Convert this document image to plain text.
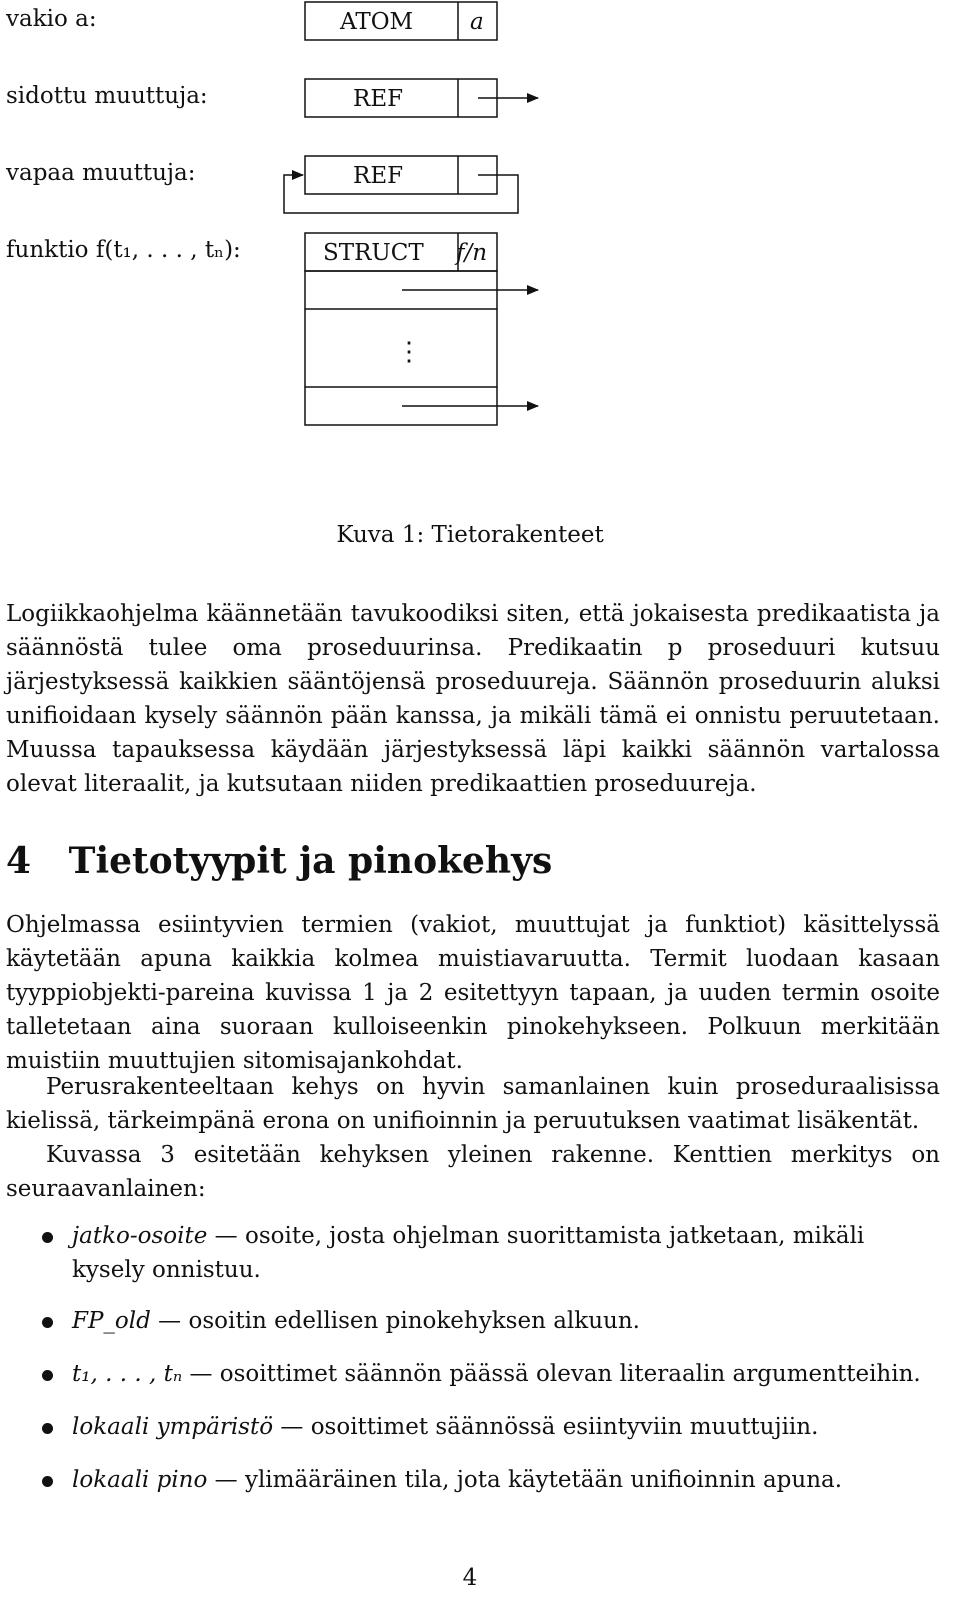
vakio a:
sidottu muuttuja:
vapaa muuttuja:
funktio f(t₁, . . . , tₙ):
ATOM a
REF
REF
STRUCT f/n
⋮
Kuva 1: Tietorakenteet
Logiikkaohjelma käännetään tavukoodiksi siten, että jokaisesta predikaatista ja säännöstä tulee oma proseduurinsa. Predikaatin p proseduuri kutsuu järjestyksessä kaikkien sääntöjensä proseduureja. Säännön proseduurin aluksi unifioidaan kysely säännön pään kanssa, ja mikäli tämä ei onnistu peruutetaan. Muussa tapauksessa käydään järjestyksessä läpi kaikki säännön vartalossa olevat literaalit, ja kutsutaan niiden predikaattien proseduureja.
4 Tietotyypit ja pinokehys
Ohjelmassa esiintyvien termien (vakiot, muuttujat ja funktiot) käsittelyssä käytetään apuna kaikkia kolmea muistiavaruutta. Termit luodaan kasaan tyyppiobjekti-pareina kuvissa 1 ja 2 esitettyyn tapaan, ja uuden termin osoite talletetaan aina suoraan kulloiseenkin pinokehykseen. Polkuun merkitään muistiin muuttujien sitomisajankohdat.
Perusrakenteeltaan kehys on hyvin samanlainen kuin proseduraalisissa kielissä, tärkeimpänä erona on unifioinnin ja peruutuksen vaatimat lisäkentät.
Kuvassa 3 esitetään kehyksen yleinen rakenne. Kenttien merkitys on seuraavanlainen:
jatko-osoite — osoite, josta ohjelman suorittamista jatketaan, mikäli kysely onnistuu.
FP_old — osoitin edellisen pinokehyksen alkuun.
t₁, . . . , tₙ — osoittimet säännön päässä olevan literaalin argumentteihin.
lokaali ympäristö — osoittimet säännössä esiintyviin muuttujiin.
lokaali pino — ylimääräinen tila, jota käytetään unifioinnin apuna.
4
